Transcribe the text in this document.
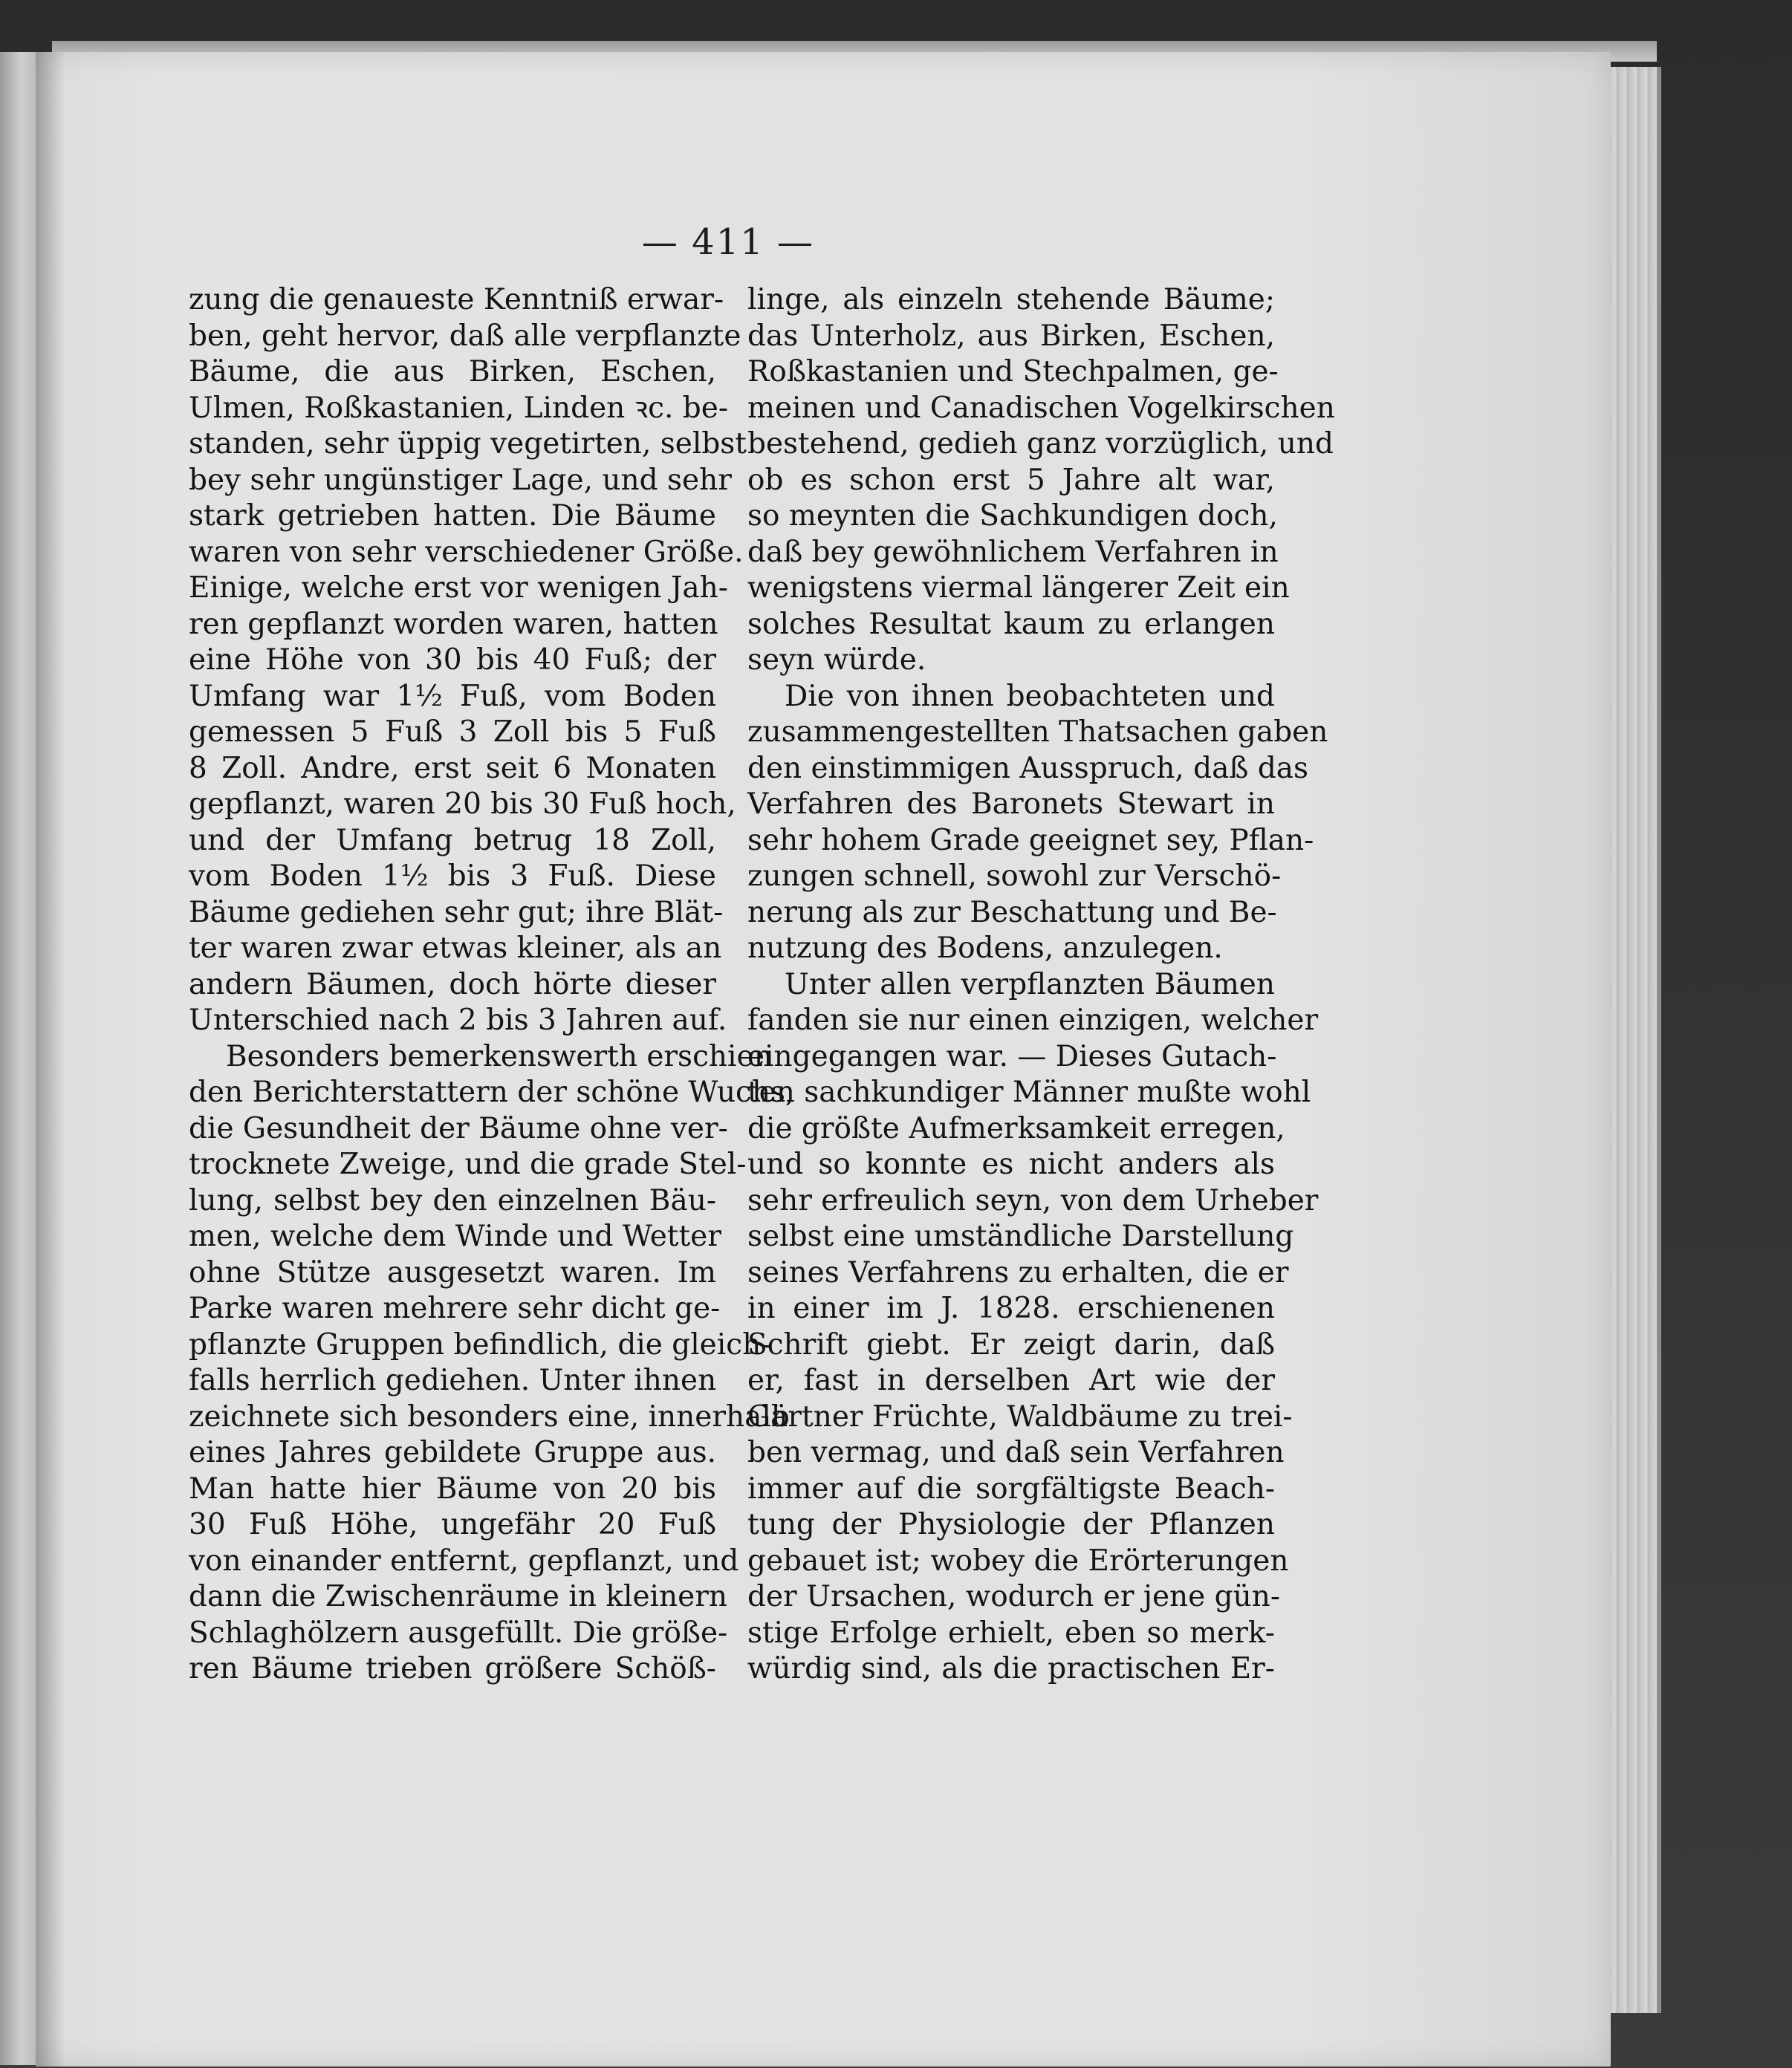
— 411 —
zung die genaueste Kenntniß erwar-
ben, geht hervor, daß alle verpflanzte
Bäume, die aus Birken, Eschen,
Ulmen, Roßkastanien, Linden ꝛc. be-
standen, sehr üppig vegetirten, selbst
bey sehr ungünstiger Lage, und sehr
stark getrieben hatten. Die Bäume
waren von sehr verschiedener Größe.
Einige, welche erst vor wenigen Jah-
ren gepflanzt worden waren, hatten
eine Höhe von 30 bis 40 Fuß; der
Umfang war 1½ Fuß, vom Boden
gemessen 5 Fuß 3 Zoll bis 5 Fuß
8 Zoll. Andre, erst seit 6 Monaten
gepflanzt, waren 20 bis 30 Fuß hoch,
und der Umfang betrug 18 Zoll,
vom Boden 1½ bis 3 Fuß. Diese
Bäume gediehen sehr gut; ihre Blät-
ter waren zwar etwas kleiner, als an
andern Bäumen, doch hörte dieser
Unterschied nach 2 bis 3 Jahren auf.
Besonders bemerkenswerth erschien
den Berichterstattern der schöne Wuchs,
die Gesundheit der Bäume ohne ver-
trocknete Zweige, und die grade Stel-
lung, selbst bey den einzelnen Bäu-
men, welche dem Winde und Wetter
ohne Stütze ausgesetzt waren. Im
Parke waren mehrere sehr dicht ge-
pflanzte Gruppen befindlich, die gleich-
falls herrlich gediehen. Unter ihnen
zeichnete sich besonders eine, innerhalb
eines Jahres gebildete Gruppe aus.
Man hatte hier Bäume von 20 bis
30 Fuß Höhe, ungefähr 20 Fuß
von einander entfernt, gepflanzt, und
dann die Zwischenräume in kleinern
Schlaghölzern ausgefüllt. Die größe-
ren Bäume trieben größere Schöß-
linge, als einzeln stehende Bäume;
das Unterholz, aus Birken, Eschen,
Roßkastanien und Stechpalmen, ge-
meinen und Canadischen Vogelkirschen
bestehend, gedieh ganz vorzüglich, und
ob es schon erst 5 Jahre alt war,
so meynten die Sachkundigen doch,
daß bey gewöhnlichem Verfahren in
wenigstens viermal längerer Zeit ein
solches Resultat kaum zu erlangen
seyn würde.
Die von ihnen beobachteten und
zusammengestellten Thatsachen gaben
den einstimmigen Ausspruch, daß das
Verfahren des Baronets Stewart in
sehr hohem Grade geeignet sey, Pflan-
zungen schnell, sowohl zur Verschö-
nerung als zur Beschattung und Be-
nutzung des Bodens, anzulegen.
Unter allen verpflanzten Bäumen
fanden sie nur einen einzigen, welcher
eingegangen war. — Dieses Gutach-
ten sachkundiger Männer mußte wohl
die größte Aufmerksamkeit erregen,
und so konnte es nicht anders als
sehr erfreulich seyn, von dem Urheber
selbst eine umständliche Darstellung
seines Verfahrens zu erhalten, die er
in einer im J. 1828. erschienenen
Schrift giebt. Er zeigt darin, daß
er, fast in derselben Art wie der
Gärtner Früchte, Waldbäume zu trei-
ben vermag, und daß sein Verfahren
immer auf die sorgfältigste Beach-
tung der Physiologie der Pflanzen
gebauet ist; wobey die Erörterungen
der Ursachen, wodurch er jene gün-
stige Erfolge erhielt, eben so merk-
würdig sind, als die practischen Er-
